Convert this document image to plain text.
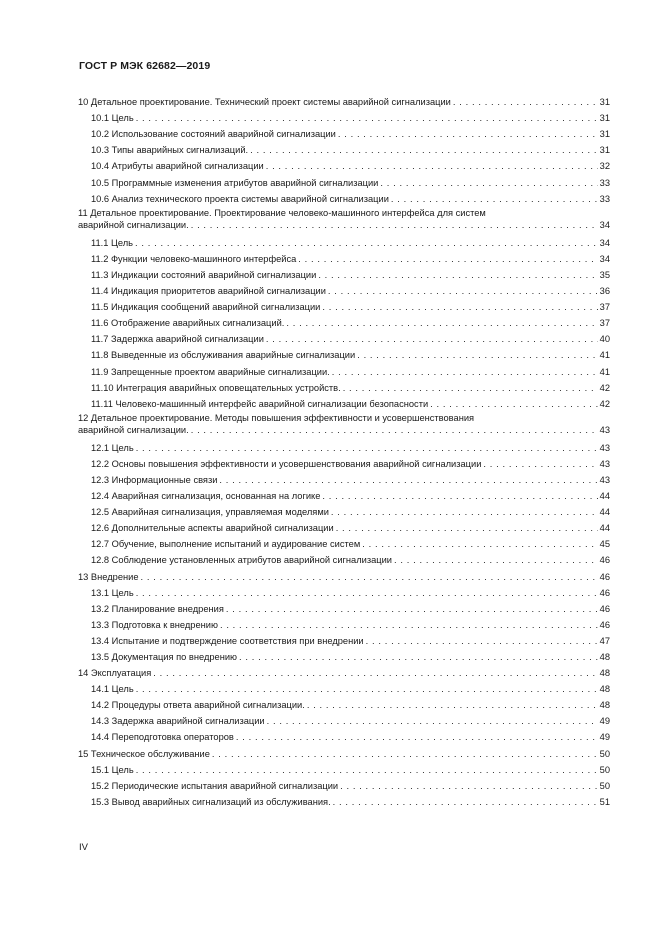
ГОСТ Р МЭК 62682—2019
10 Детальное проектирование. Технический проект системы аварийной сигнализации . . .	31
10.1 Цель . . .	31
10.2 Использование состояний аварийной сигнализации . . .	31
10.3 Типы аварийных сигнализаций. . . .	31
10.4 Атрибуты аварийной сигнализации . . .	32
10.5 Программные изменения атрибутов аварийной сигнализации . . .	33
10.6 Анализ технического проекта системы аварийной сигнализации . . .	33
11 Детальное проектирование. Проектирование человеко-машинного интерфейса для систем
аварийной сигнализации. . . .	34
11.1 Цель . . .	34
11.2 Функции человеко-машинного интерфейса . . .	34
11.3 Индикации состояний аварийной сигнализации . . .	35
11.4 Индикация приоритетов аварийной сигнализации . . .	36
11.5 Индикация сообщений аварийной сигнализации . . .	37
11.6 Отображение аварийных сигнализаций. . . .	37
11.7 Задержка аварийной сигнализации . . .	40
11.8 Выведенные из обслуживания аварийные сигнализации . . .	41
11.9 Запрещенные проектом аварийные сигнализации. . . .	41
11.10 Интеграция аварийных оповещательных устройств. . . .	42
11.11 Человеко-машинный интерфейс аварийной сигнализации безопасности . . .	42
12 Детальное проектирование. Методы повышения эффективности и усовершенствования
аварийной сигнализации. . . .	43
12.1 Цель . . .	43
12.2 Основы повышения эффективности и усовершенствования аварийной сигнализации . . .	43
12.3 Информационные связи . . .	43
12.4 Аварийная сигнализация, основанная на логике . . .	44
12.5 Аварийная сигнализация, управляемая моделями . . .	44
12.6 Дополнительные аспекты аварийной сигнализации . . .	44
12.7 Обучение, выполнение испытаний и аудирование систем . . .	45
12.8 Соблюдение установленных атрибутов аварийной сигнализации . . .	46
13 Внедрение . . .	46
13.1 Цель . . .	46
13.2 Планирование внедрения . . .	46
13.3 Подготовка к внедрению . . .	46
13.4 Испытание и подтверждение соответствия при внедрении . . .	47
13.5 Документация по внедрению . . .	48
14 Эксплуатация . . .	48
14.1 Цель . . .	48
14.2 Процедуры ответа аварийной сигнализации. . . .	48
14.3 Задержка аварийной сигнализации . . .	49
14.4 Переподготовка операторов . . .	49
15 Техническое обслуживание . . .	50
15.1 Цель . . .	50
15.2 Периодические испытания аварийной сигнализации . . .	50
15.3 Вывод аварийных сигнализаций из обслуживания. . . .	51
IV
